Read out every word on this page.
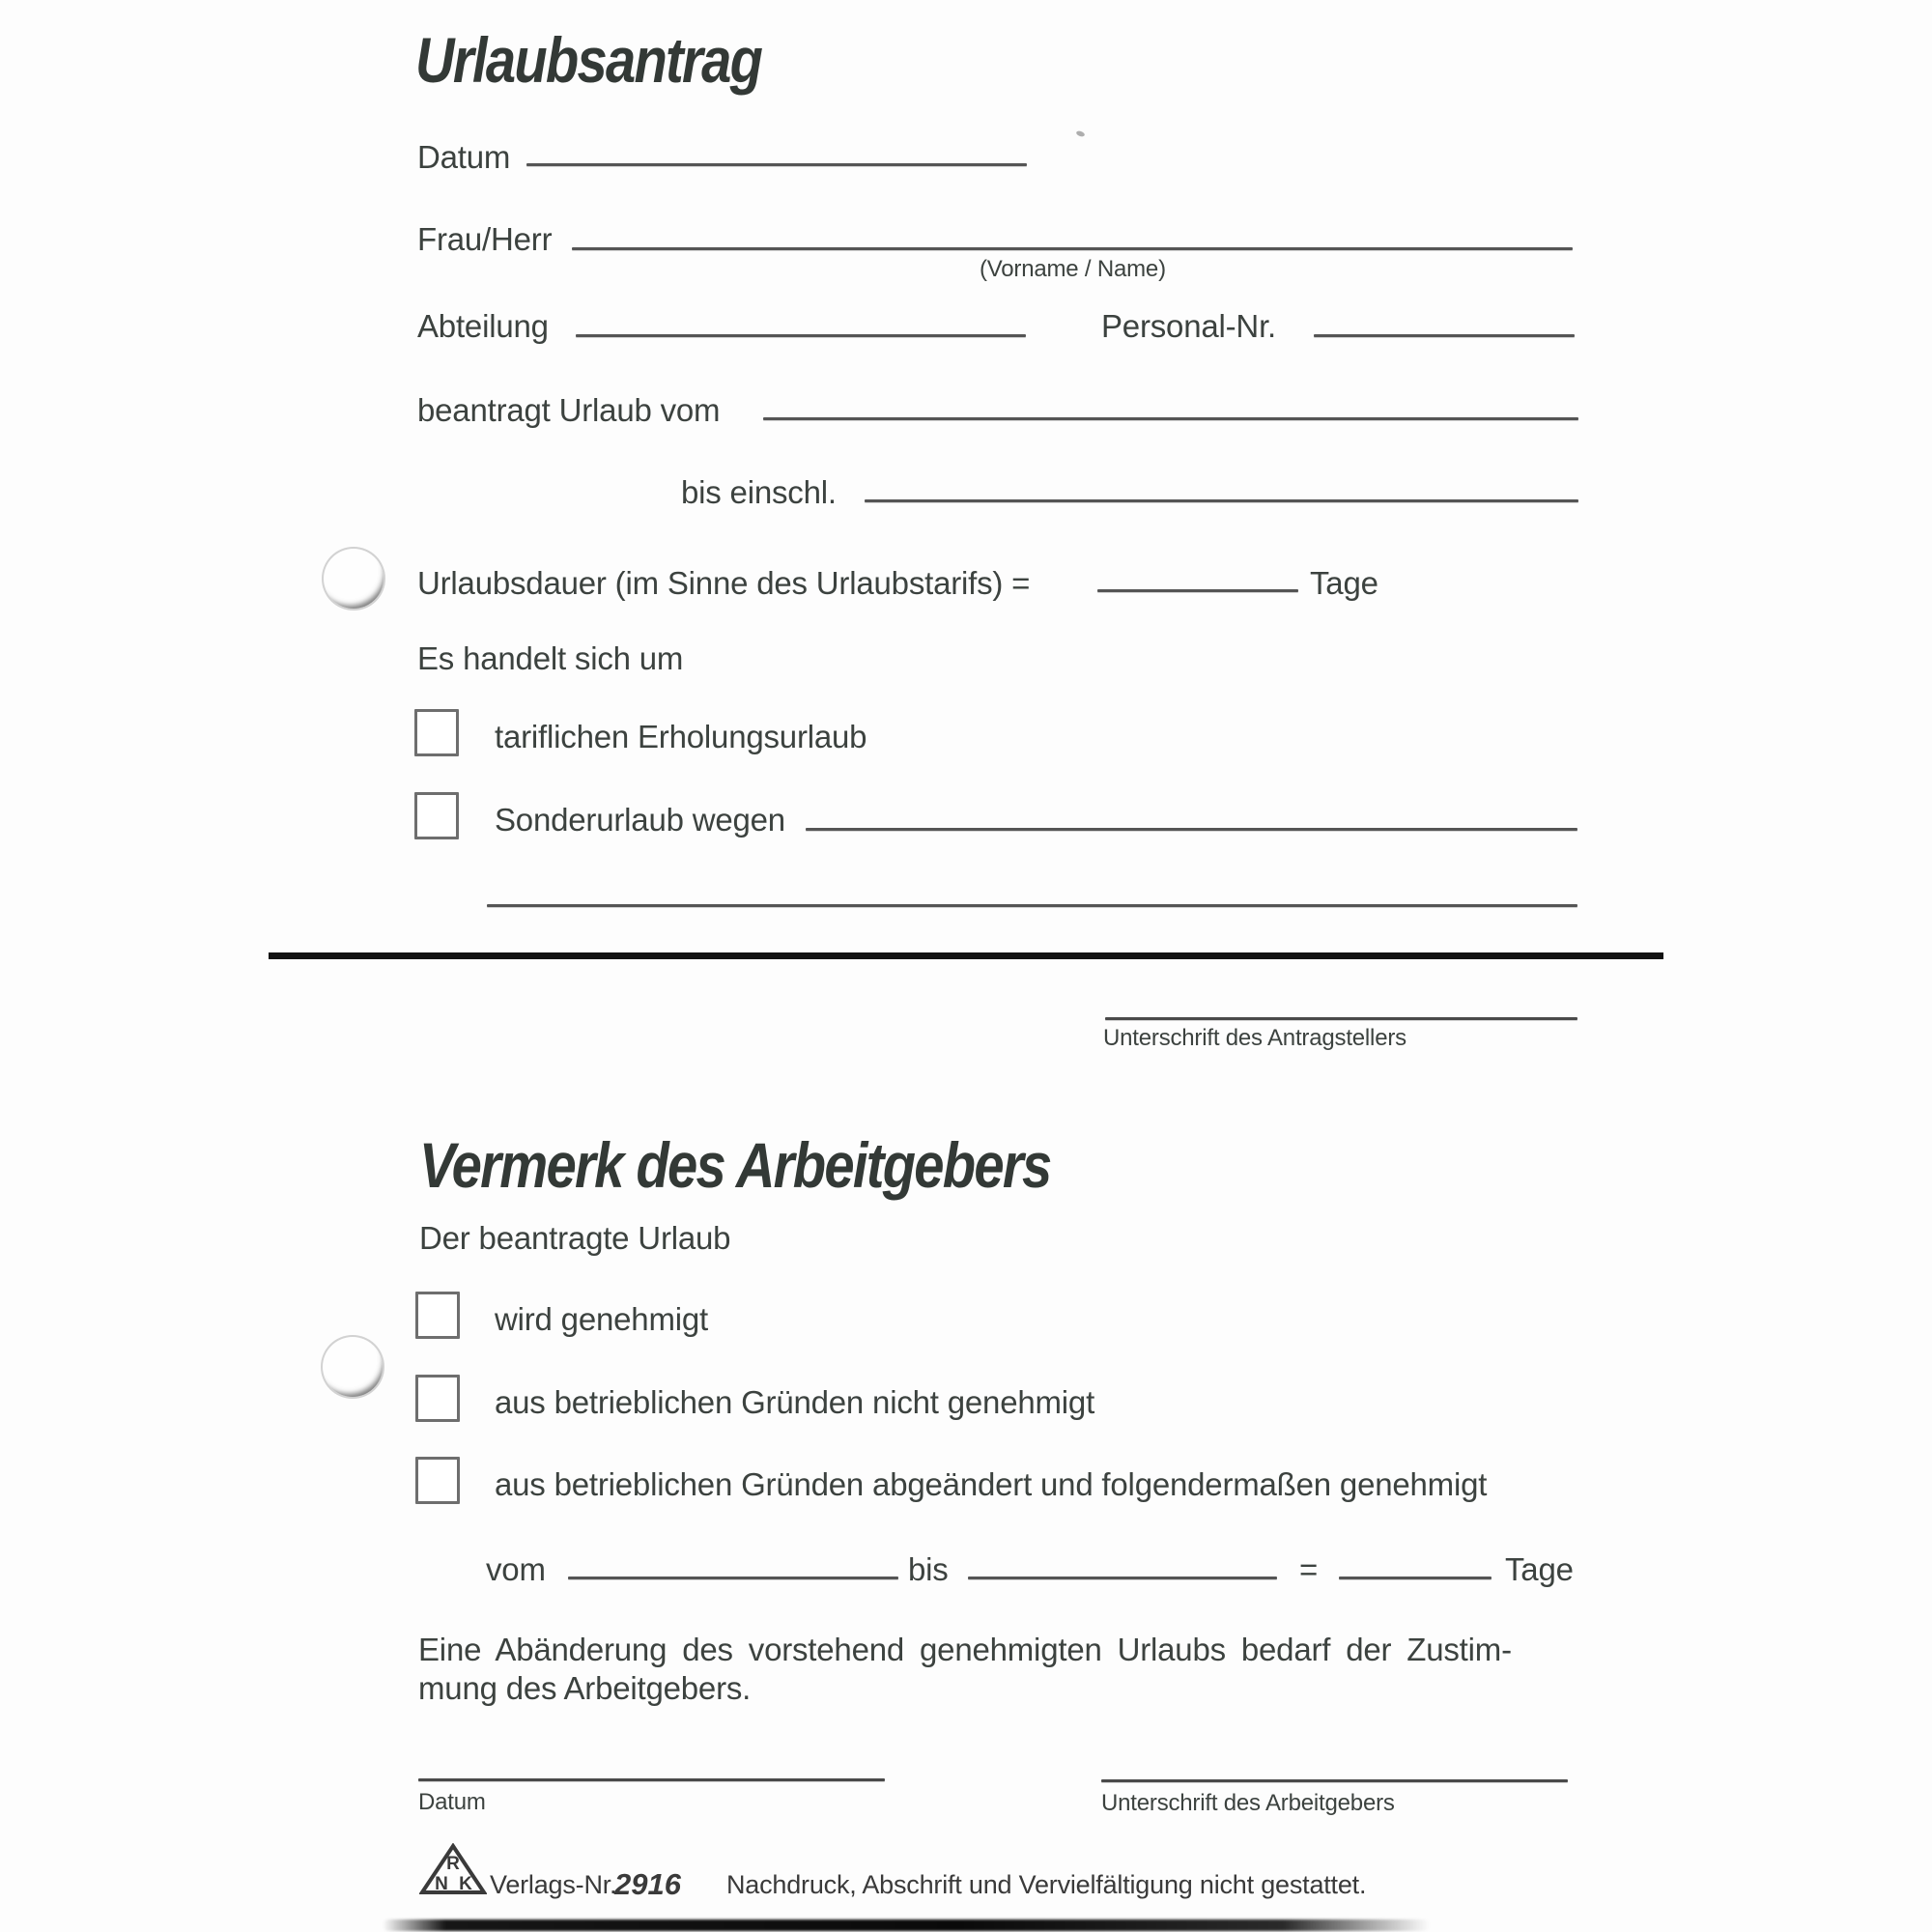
Urlaubsantrag
Datum
Frau/Herr
(Vorname / Name)
Abteilung	Personal-Nr.
beantragt Urlaub vom
bis einschl.
Urlaubsdauer (im Sinne des Urlaubstarifs) =	Tage
Es handelt sich um
tariflichen Erholungsurlaub
Sonderurlaub wegen
Unterschrift des Antragstellers
Vermerk des Arbeitgebers
Der beantragte Urlaub
wird genehmigt
aus betrieblichen Gründen nicht genehmigt
aus betrieblichen Gründen abgeändert und folgendermaßen genehmigt
vom	bis	=	Tage
Eine Abänderung des vorstehend genehmigten Urlaubs bedarf der Zustim-
mung des Arbeitgebers.
Datum	Unterschrift des Arbeitgebers
R
N K Verlags-Nr.
2916 Nachdruck, Abschrift und Vervielfältigung nicht gestattet.
